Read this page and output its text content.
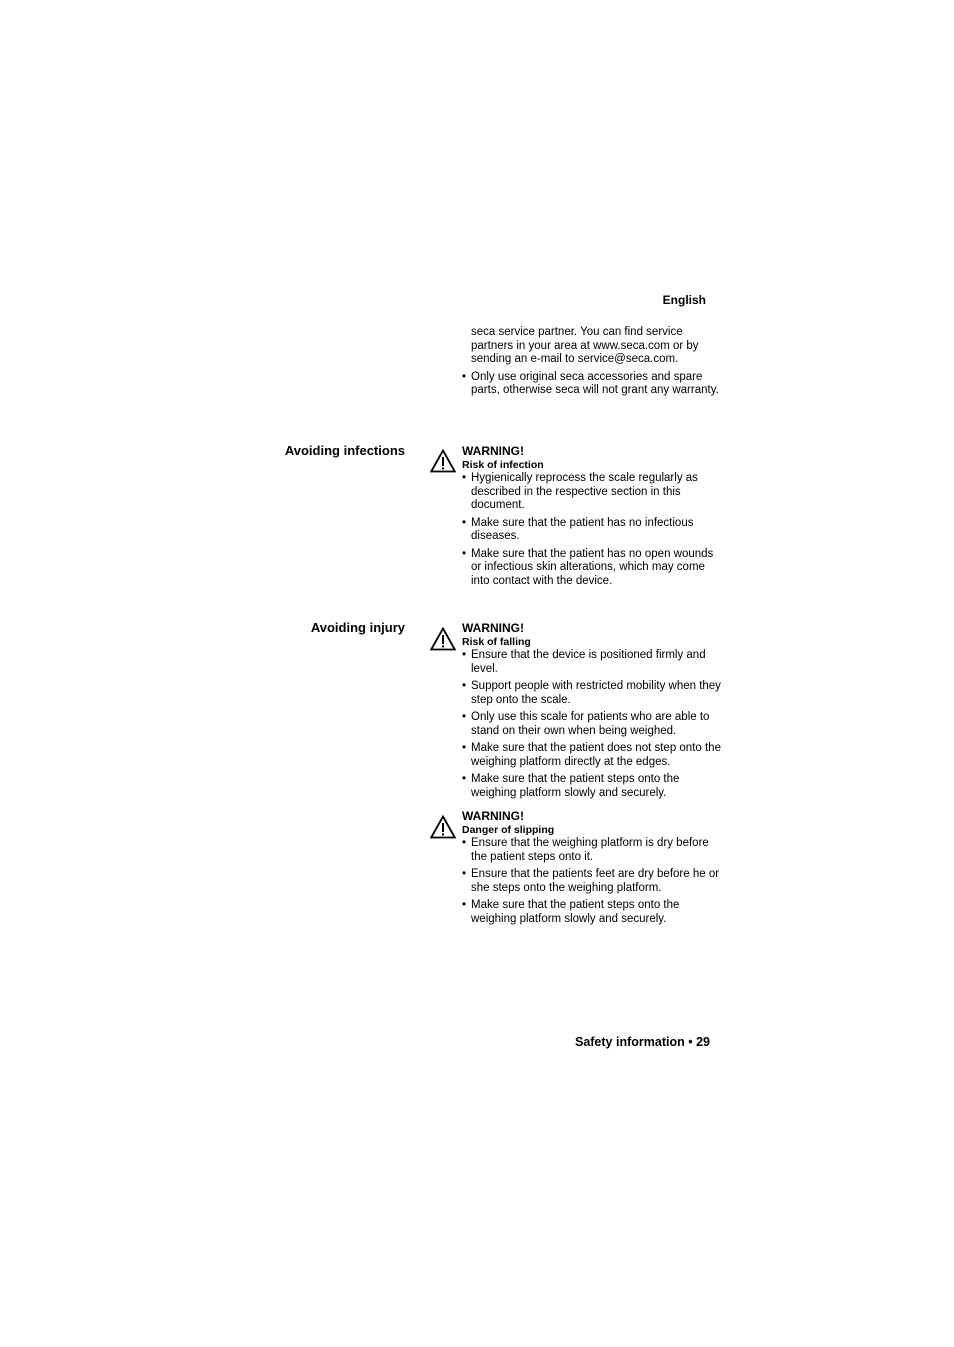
English
seca service partner. You can find service partners in your area at www.seca.com or by sending an e-mail to service@seca.com.
• Only use original seca accessories and spare parts, otherwise seca will not grant any warranty.
Avoiding infections	WARNING!
Risk of infection
• Hygienically reprocess the scale regularly as described in the respective section in this document.
• Make sure that the patient has no infectious diseases.
• Make sure that the patient has no open wounds or infectious skin alterations, which may come into contact with the device.
Avoiding injury	WARNING!
Risk of falling
• Ensure that the device is positioned firmly and level.
• Support people with restricted mobility when they step onto the scale.
• Only use this scale for patients who are able to stand on their own when being weighed.
• Make sure that the patient does not step onto the weighing platform directly at the edges.
• Make sure that the patient steps onto the weighing platform slowly and securely.
WARNING!
Danger of slipping
• Ensure that the weighing platform is dry before the patient steps onto it.
• Ensure that the patients feet are dry before he or she steps onto the weighing platform.
• Make sure that the patient steps onto the weighing platform slowly and securely.
Safety information • 29
